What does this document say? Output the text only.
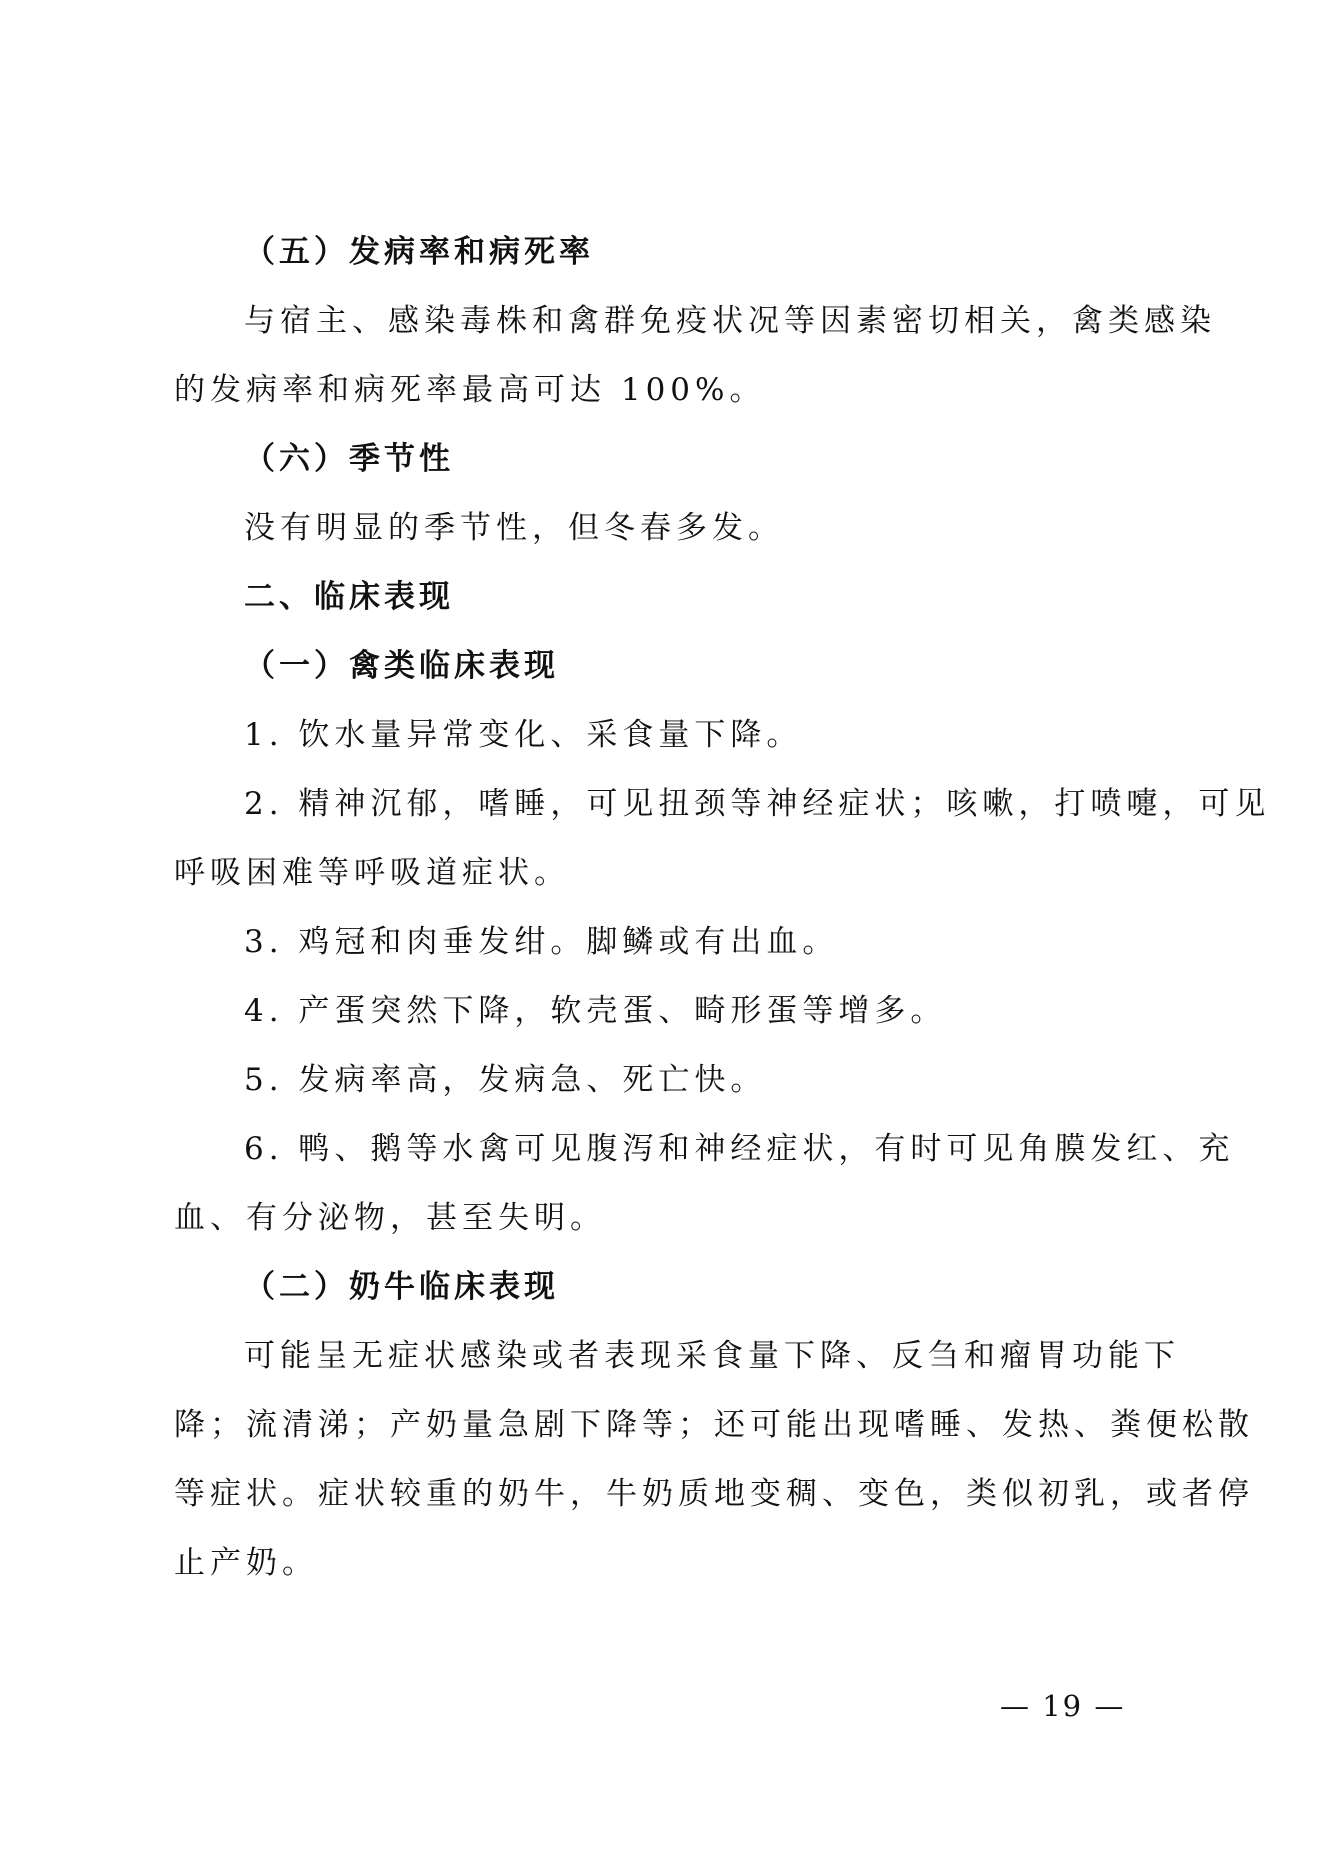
（五）发病率和病死率

与宿主、感染毒株和禽群免疫状况等因素密切相关，禽类感染

的发病率和病死率最高可达 100%。

（六）季节性

没有明显的季节性，但冬春多发。

二、临床表现

（一）禽类临床表现

1. 饮水量异常变化、采食量下降。

2. 精神沉郁，嗜睡，可见扭颈等神经症状；咳嗽，打喷嚏，可见

呼吸困难等呼吸道症状。

3. 鸡冠和肉垂发绀。脚鳞或有出血。

4. 产蛋突然下降，软壳蛋、畸形蛋等增多。

5. 发病率高，发病急、死亡快。

6. 鸭、鹅等水禽可见腹泻和神经症状，有时可见角膜发红、充

血、有分泌物，甚至失明。

（二）奶牛临床表现

可能呈无症状感染或者表现采食量下降、反刍和瘤胃功能下

降；流清涕；产奶量急剧下降等；还可能出现嗜睡、发热、粪便松散

等症状。症状较重的奶牛，牛奶质地变稠、变色，类似初乳，或者停

止产奶。

— 19 —
